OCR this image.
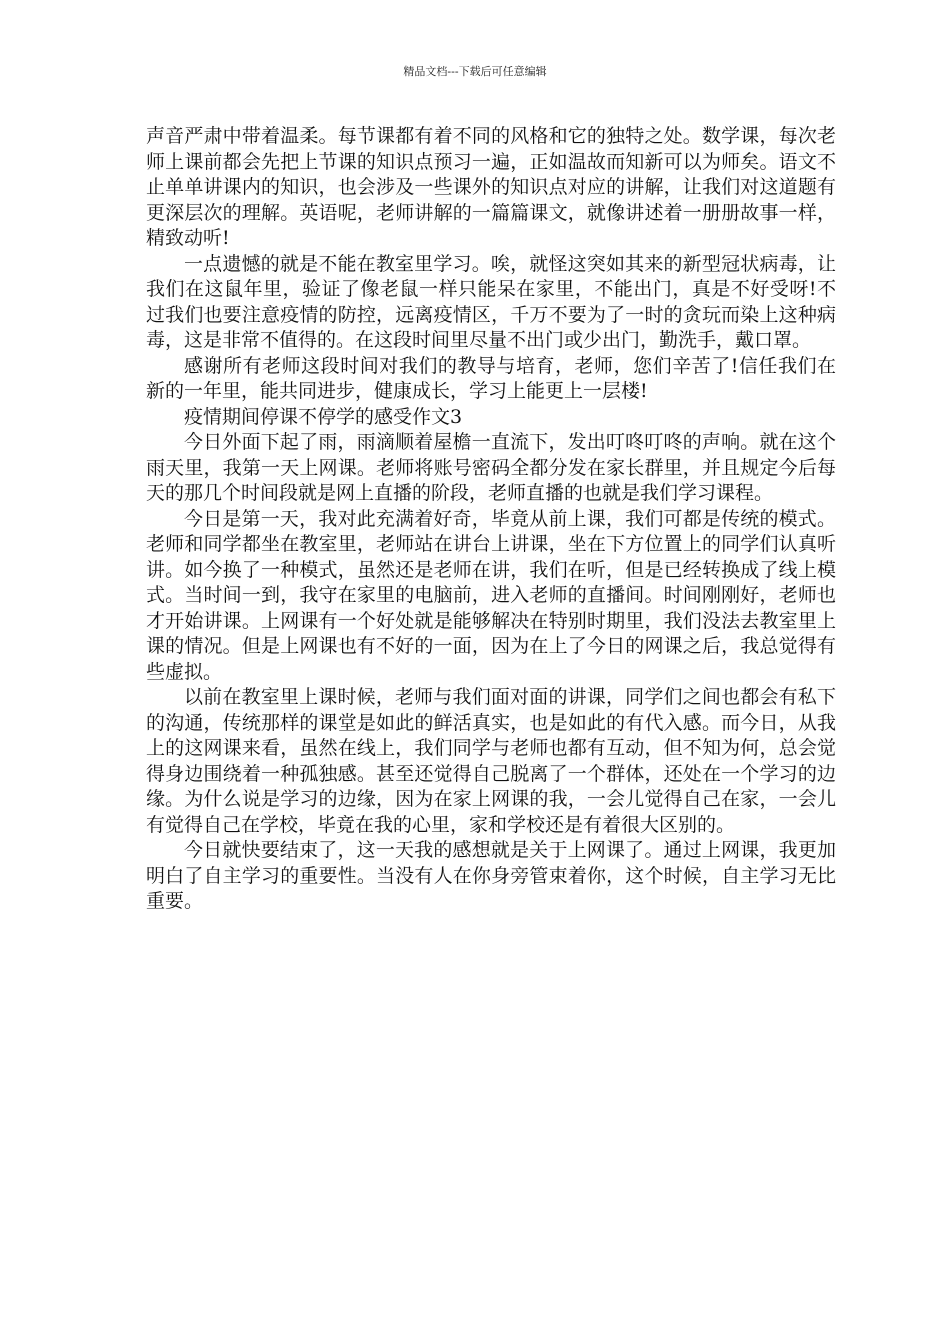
精品文档---下载后可任意编辑

声音严肃中带着温柔。每节课都有着不同的风格和它的独特之处。数学课，每次老师上课前都会先把上节课的知识点预习一遍，正如温故而知新可以为师矣。语文不止单单讲课内的知识，也会涉及一些课外的知识点对应的讲解，让我们对这道题有更深层次的理解。英语呢，老师讲解的一篇篇课文，就像讲述着一册册故事一样，精致动听!

一点遗憾的就是不能在教室里学习。唉，就怪这突如其来的新型冠状病毒，让我们在这鼠年里，验证了像老鼠一样只能呆在家里，不能出门，真是不好受呀!不过我们也要注意疫情的防控，远离疫情区，千万不要为了一时的贪玩而染上这种病毒，这是非常不值得的。在这段时间里尽量不出门或少出门，勤洗手，戴口罩。

感谢所有老师这段时间对我们的教导与培育，老师，您们辛苦了!信任我们在新的一年里，能共同进步，健康成长，学习上能更上一层楼!

疫情期间停课不停学的感受作文3

今日外面下起了雨，雨滴顺着屋檐一直流下，发出叮咚叮咚的声响。就在这个雨天里，我第一天上网课。老师将账号密码全都分发在家长群里，并且规定今后每天的那几个时间段就是网上直播的阶段，老师直播的也就是我们学习课程。

今日是第一天，我对此充满着好奇，毕竟从前上课，我们可都是传统的模式。老师和同学都坐在教室里，老师站在讲台上讲课，坐在下方位置上的同学们认真听讲。如今换了一种模式，虽然还是老师在讲，我们在听，但是已经转换成了线上模式。当时间一到，我守在家里的电脑前，进入老师的直播间。时间刚刚好，老师也才开始讲课。上网课有一个好处就是能够解决在特别时期里，我们没法去教室里上课的情况。但是上网课也有不好的一面，因为在上了今日的网课之后，我总觉得有些虚拟。

以前在教室里上课时候，老师与我们面对面的讲课，同学们之间也都会有私下的沟通，传统那样的课堂是如此的鲜活真实，也是如此的有代入感。而今日，从我上的这网课来看，虽然在线上，我们同学与老师也都有互动，但不知为何，总会觉得身边围绕着一种孤独感。甚至还觉得自己脱离了一个群体，还处在一个学习的边缘。为什么说是学习的边缘，因为在家上网课的我，一会儿觉得自己在家，一会儿有觉得自己在学校，毕竟在我的心里，家和学校还是有着很大区别的。

今日就快要结束了，这一天我的感想就是关于上网课了。通过上网课，我更加明白了自主学习的重要性。当没有人在你身旁管束着你，这个时候，自主学习无比重要。
